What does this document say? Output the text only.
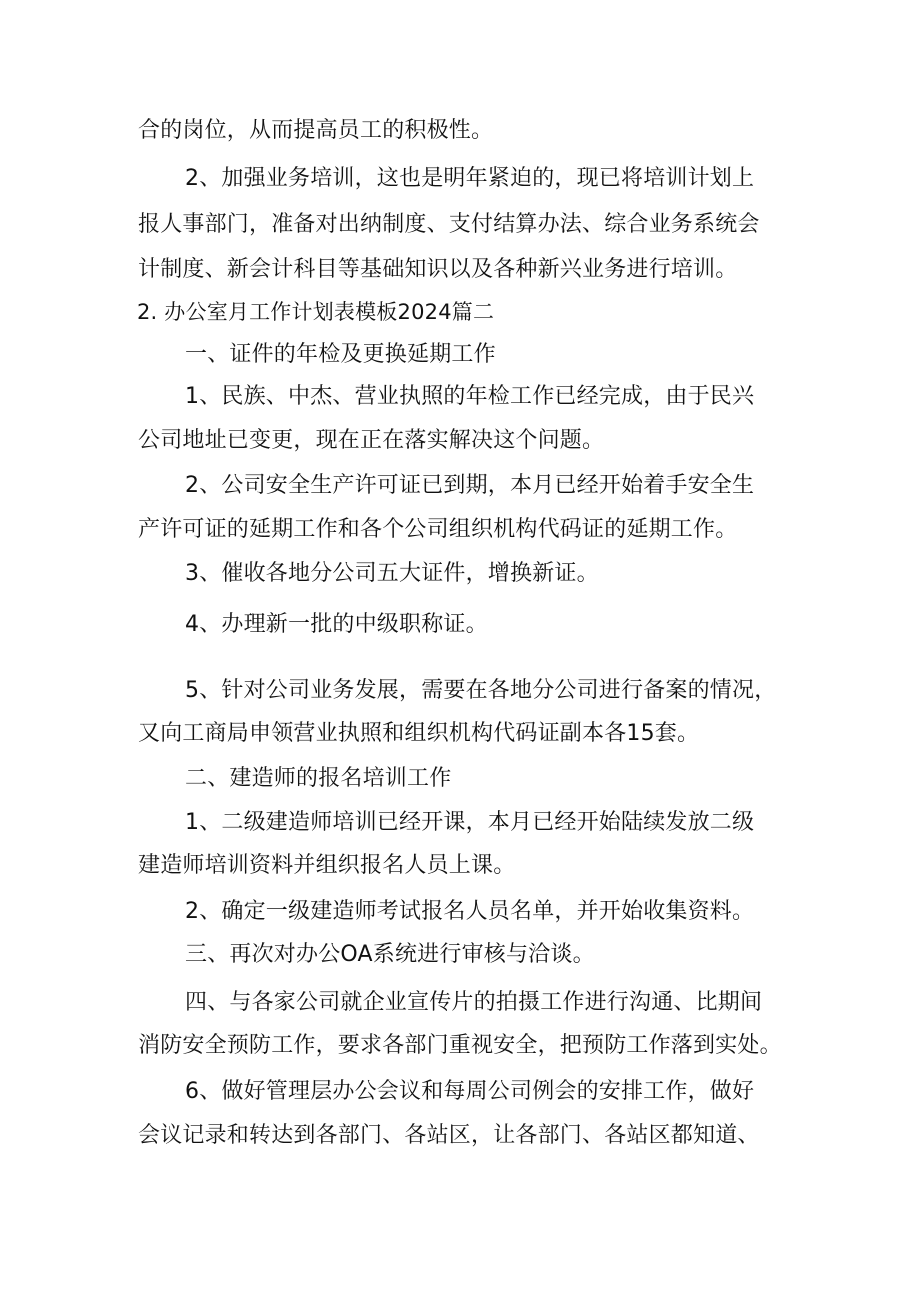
合的岗位，从而提高员工的积极性。
2、加强业务培训，这也是明年紧迫的，现已将培训计划上
报人事部门，准备对出纳制度、支付结算办法、综合业务系统会
计制度、新会计科目等基础知识以及各种新兴业务进行培训。
2. 办公室月工作计划表模板2024篇二
一、证件的年检及更换延期工作
1、民族、中杰、营业执照的年检工作已经完成，由于民兴
公司地址已变更，现在正在落实解决这个问题。
2、公司安全生产许可证已到期，本月已经开始着手安全生
产许可证的延期工作和各个公司组织机构代码证的延期工作。
3、催收各地分公司五大证件，增换新证。
4、办理新一批的中级职称证。
5、针对公司业务发展，需要在各地分公司进行备案的情况，
又向工商局申领营业执照和组织机构代码证副本各15套。
二、建造师的报名培训工作
1、二级建造师培训已经开课，本月已经开始陆续发放二级
建造师培训资料并组织报名人员上课。
2、确定一级建造师考试报名人员名单，并开始收集资料。
三、再次对办公OA系统进行审核与洽谈。
四、与各家公司就企业宣传片的拍摄工作进行沟通、比期间
消防安全预防工作，要求各部门重视安全，把预防工作落到实处。
6、做好管理层办公会议和每周公司例会的安排工作，做好
会议记录和转达到各部门、各站区，让各部门、各站区都知道、
